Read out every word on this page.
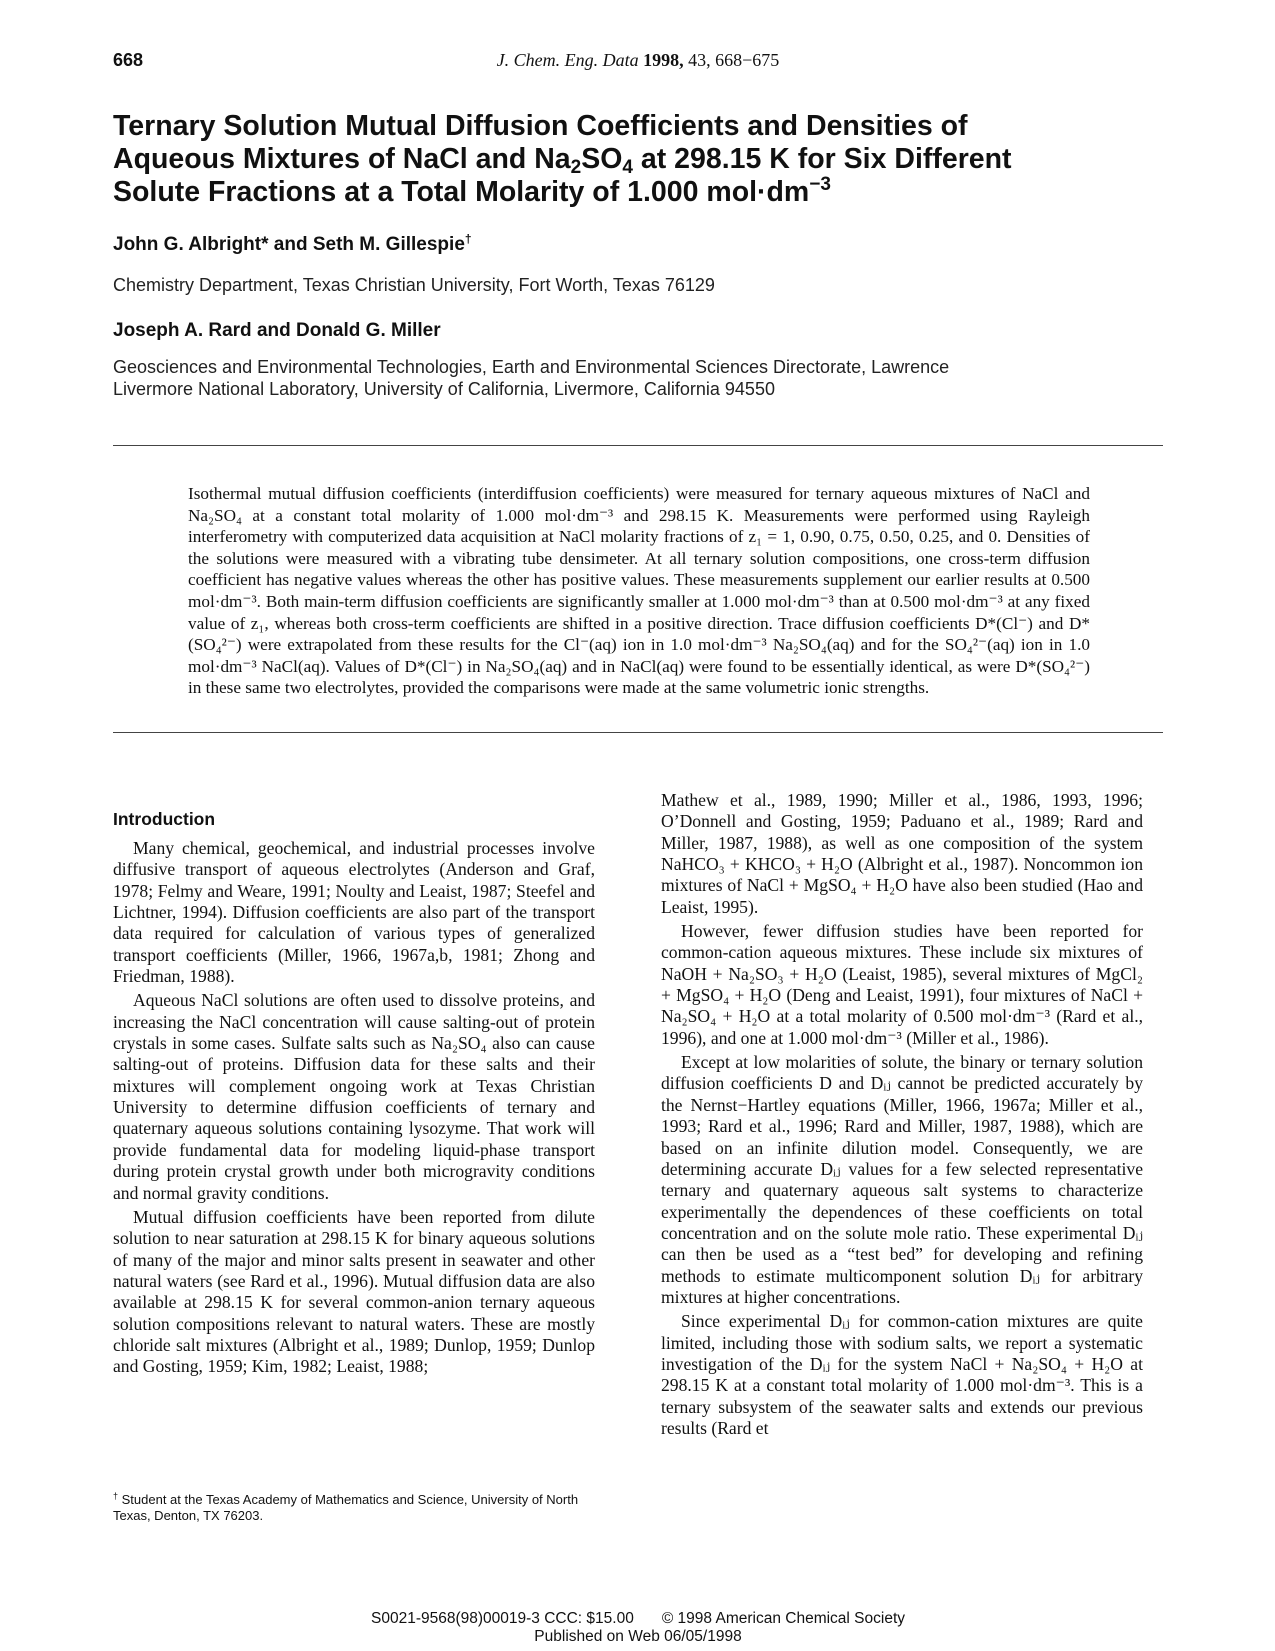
668	J. Chem. Eng. Data 1998, 43, 668−675
Ternary Solution Mutual Diffusion Coefficients and Densities of
Aqueous Mixtures of NaCl and $Na_2SO_4$ at 298.15 K for Six Different
Solute Fractions at a Total Molarity of 1.000 $mol\cdot dm^{-3}$

John G. Albright* and Seth M. Gillespie†

Chemistry Department, Texas Christian University, Fort Worth, Texas 76129

Joseph A. Rard and Donald G. Miller

Geosciences and Environmental Technologies, Earth and Environmental Sciences Directorate, Lawrence Livermore National Laboratory, University of California, Livermore, California 94550

Isothermal mutual diffusion coefficients (interdiffusion coefficients) were measured for ternary aqueous mixtures of NaCl and Na₂SO₄ at a constant total molarity of 1.000 mol·dm⁻³ and 298.15 K. Measurements were performed using Rayleigh interferometry with computerized data acquisition at NaCl molarity fractions of z₁ = 1, 0.90, 0.75, 0.50, 0.25, and 0. Densities of the solutions were measured with a vibrating tube densimeter. At all ternary solution compositions, one cross-term diffusion coefficient has negative values whereas the other has positive values. These measurements supplement our earlier results at 0.500 mol·dm⁻³. Both main-term diffusion coefficients are significantly smaller at 1.000 mol·dm⁻³ than at 0.500 mol·dm⁻³ at any fixed value of z₁, whereas both cross-term coefficients are shifted in a positive direction. Trace diffusion coefficients D*(Cl⁻) and D*(SO₄²⁻) were extrapolated from these results for the Cl⁻(aq) ion in 1.0 mol·dm⁻³ Na₂SO₄(aq) and for the SO₄²⁻(aq) ion in 1.0 mol·dm⁻³ NaCl(aq). Values of D*(Cl⁻) in Na₂SO₄(aq) and in NaCl(aq) were found to be essentially identical, as were D*(SO₄²⁻) in these same two electrolytes, provided the comparisons were made at the same volumetric ionic strengths.

Introduction

Many chemical, geochemical, and industrial processes involve diffusive transport of aqueous electrolytes (Anderson and Graf, 1978; Felmy and Weare, 1991; Noulty and Leaist, 1987; Steefel and Lichtner, 1994). Diffusion coefficients are also part of the transport data required for calculation of various types of generalized transport coefficients (Miller, 1966, 1967a,b, 1981; Zhong and Friedman, 1988).

Aqueous NaCl solutions are often used to dissolve proteins, and increasing the NaCl concentration will cause salting-out of protein crystals in some cases. Sulfate salts such as Na₂SO₄ also can cause salting-out of proteins. Diffusion data for these salts and their mixtures will complement ongoing work at Texas Christian University to determine diffusion coefficients of ternary and quaternary aqueous solutions containing lysozyme. That work will provide fundamental data for modeling liquid-phase transport during protein crystal growth under both microgravity conditions and normal gravity conditions.

Mutual diffusion coefficients have been reported from dilute solution to near saturation at 298.15 K for binary aqueous solutions of many of the major and minor salts present in seawater and other natural waters (see Rard et al., 1996). Mutual diffusion data are also available at 298.15 K for several common-anion ternary aqueous solution compositions relevant to natural waters. These are mostly chloride salt mixtures (Albright et al., 1989; Dunlop, 1959; Dunlop and Gosting, 1959; Kim, 1982; Leaist, 1988;

Mathew et al., 1989, 1990; Miller et al., 1986, 1993, 1996; O’Donnell and Gosting, 1959; Paduano et al., 1989; Rard and Miller, 1987, 1988), as well as one composition of the system NaHCO₃ + KHCO₃ + H₂O (Albright et al., 1987). Noncommon ion mixtures of NaCl + MgSO₄ + H₂O have also been studied (Hao and Leaist, 1995).

However, fewer diffusion studies have been reported for common-cation aqueous mixtures. These include six mixtures of NaOH + Na₂SO₃ + H₂O (Leaist, 1985), several mixtures of MgCl₂ + MgSO₄ + H₂O (Deng and Leaist, 1991), four mixtures of NaCl + Na₂SO₄ + H₂O at a total molarity of 0.500 mol·dm⁻³ (Rard et al., 1996), and one at 1.000 mol·dm⁻³ (Miller et al., 1986).

Except at low molarities of solute, the binary or ternary solution diffusion coefficients D and Dᵢⱼ cannot be predicted accurately by the Nernst−Hartley equations (Miller, 1966, 1967a; Miller et al., 1993; Rard et al., 1996; Rard and Miller, 1987, 1988), which are based on an infinite dilution model. Consequently, we are determining accurate Dᵢⱼ values for a few selected representative ternary and quaternary aqueous salt systems to characterize experimentally the dependences of these coefficients on total concentration and on the solute mole ratio. These experimental Dᵢⱼ can then be used as a “test bed” for developing and refining methods to estimate multicomponent solution Dᵢⱼ for arbitrary mixtures at higher concentrations.

Since experimental Dᵢⱼ for common-cation mixtures are quite limited, including those with sodium salts, we report a systematic investigation of the Dᵢⱼ for the system NaCl + Na₂SO₄ + H₂O at 298.15 K at a constant total molarity of 1.000 mol·dm⁻³. This is a ternary subsystem of the seawater salts and extends our previous results (Rard et

† Student at the Texas Academy of Mathematics and Science, University of North Texas, Denton, TX 76203.

S0021-9568(98)00019-3 CCC: $15.00 © 1998 American Chemical Society
Published on Web 06/05/1998
